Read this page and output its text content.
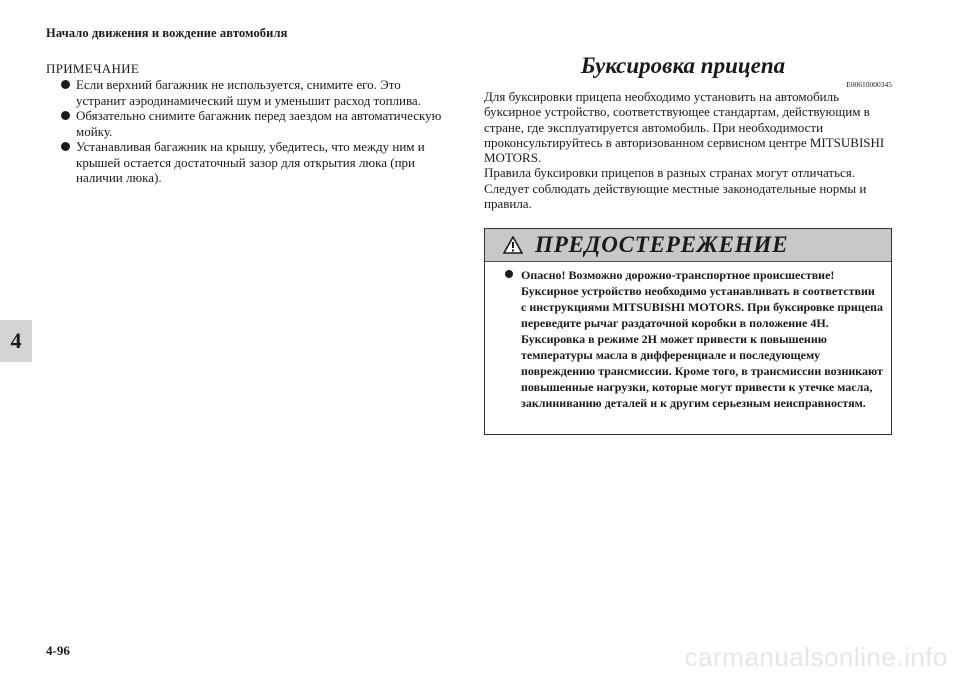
Начало движения и вождение автомобиля
4
ПРИМЕЧАНИЕ
Если верхний багажник не используется, снимите его. Это устранит аэродинамический шум и уменьшит расход топлива.
Обязательно снимите багажник перед заездом на автоматическую мойку.
Устанавливая багажник на крышу, убедитесь, что между ним и крышей остается достаточный зазор для открытия люка (при наличии люка).
Буксировка прицепа
E00610000345

Для буксировки прицепа необходимо установить на автомобиль буксирное устройство, соответствующее стандартам, действующим в стране, где эксплуатируется автомобиль. При необходимости проконсультируйтесь в авторизованном сервисном центре MITSUBISHI MOTORS.

Правила буксировки прицепов в разных странах могут отличаться. Следует соблюдать действующие местные законодательные нормы и правила.

ПРЕДОСТЕРЕЖЕНИЕ
Опасно! Возможно дорожно-транспортное происшествие! Буксирное устройство необходимо устанавливать в соответствии с инструкциями MITSUBISHI MOTORS. При буксировке прицепа переведите рычаг раздаточной коробки в положение 4H. Буксировка в режиме 2H может привести к повышению температуры масла в дифференциале и последующему повреждению трансмиссии. Кроме того, в трансмиссии возникают повышенные нагрузки, которые могут привести к утечке масла, заклиниванию деталей и к другим серьезным неисправностям.
4-96	carmanualsonline.info
